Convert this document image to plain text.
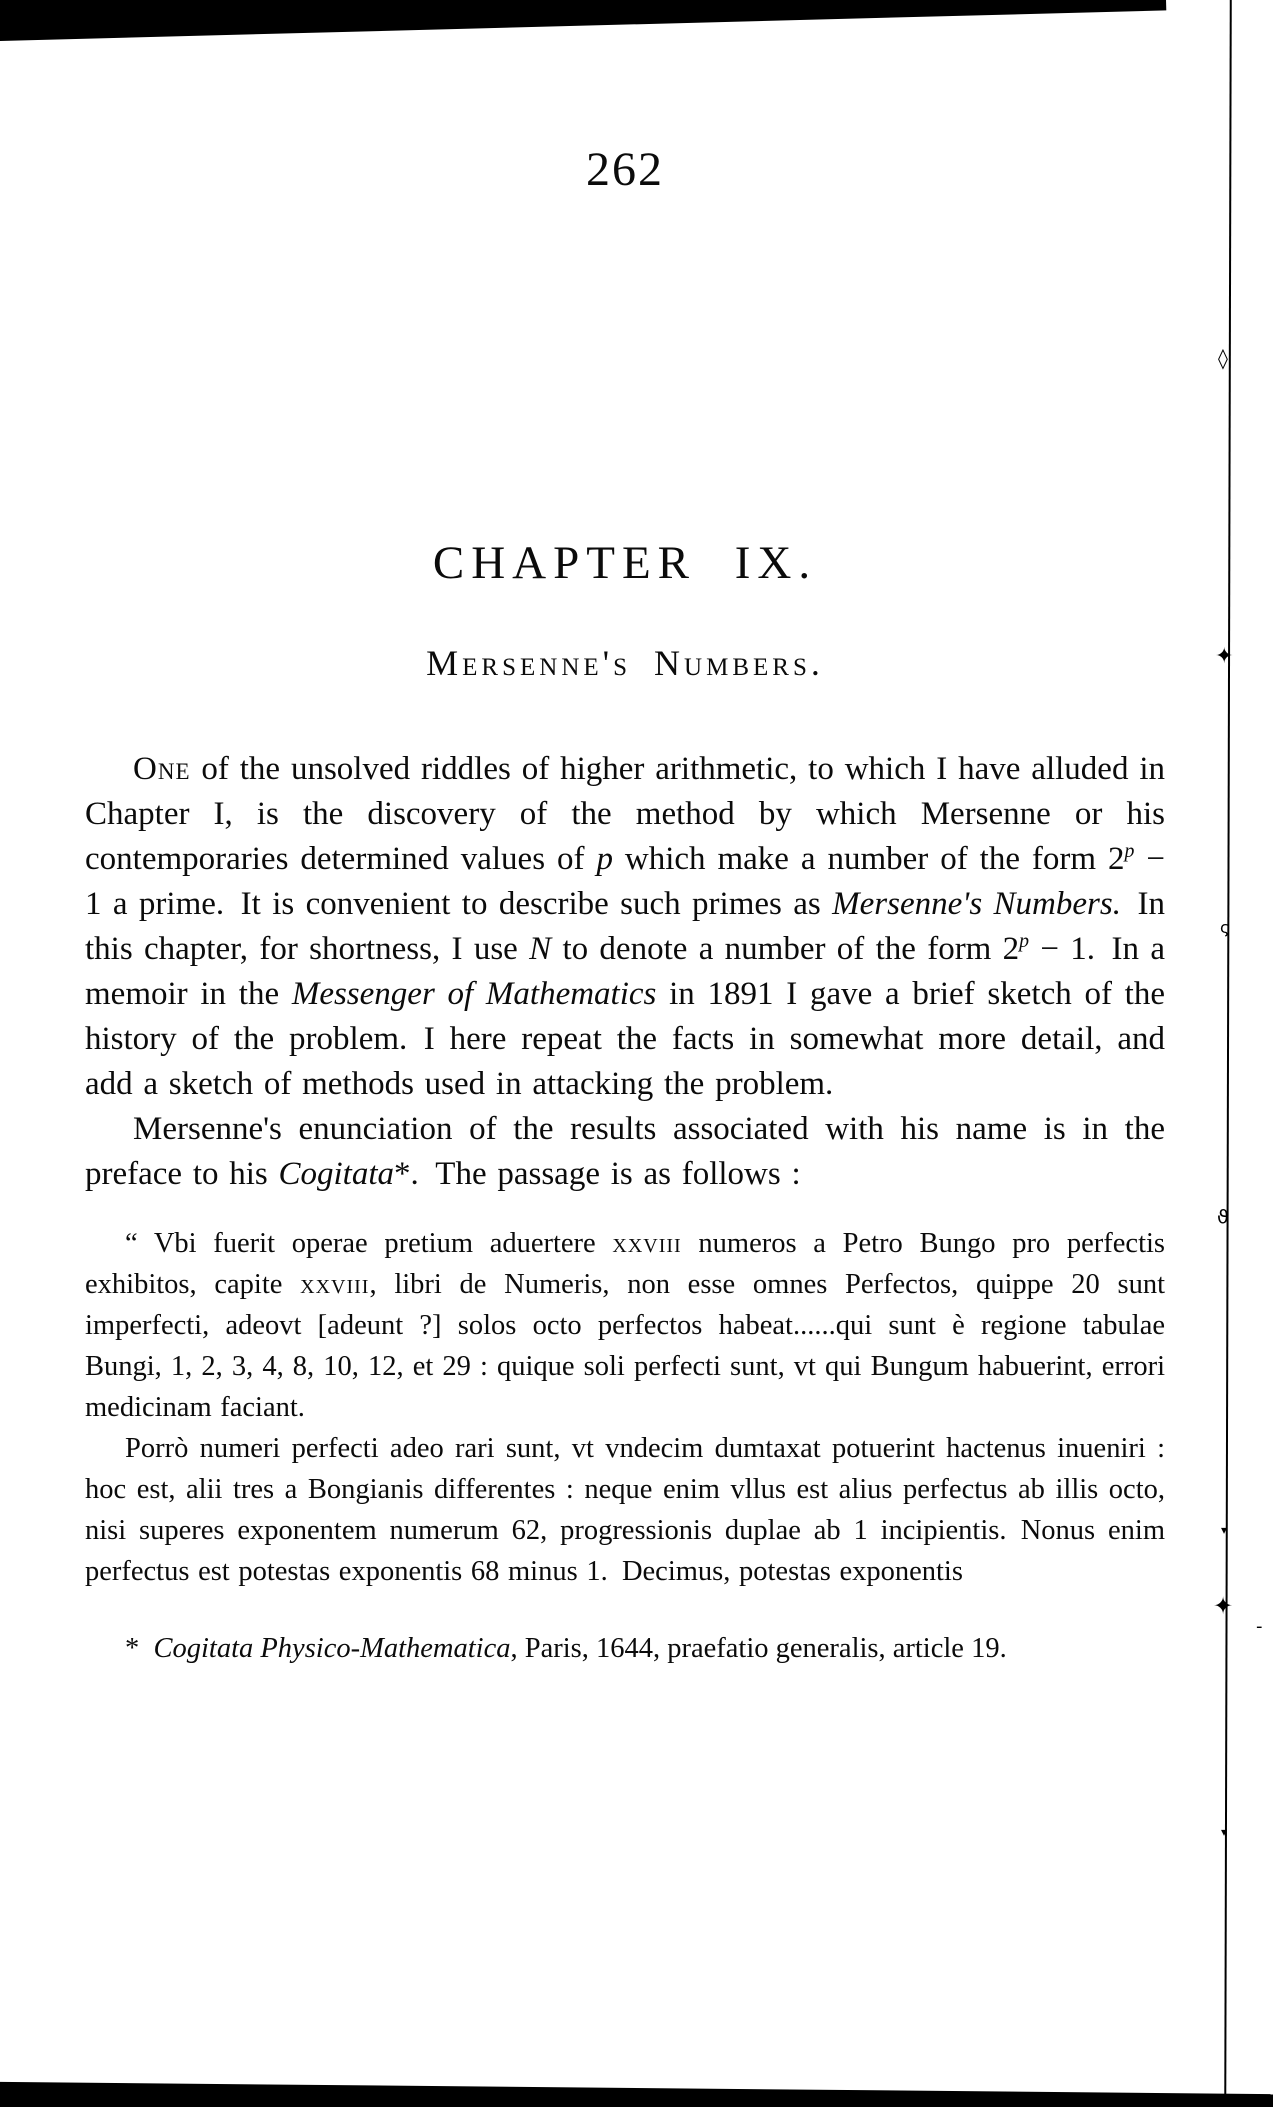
◊
✦
ς
ϑ
▾
✦
-
▾
262
CHAPTER IX.
Mersenne's Numbers.

One of the unsolved riddles of higher arithmetic, to which I have alluded in Chapter I, is the discovery of the method by which Mersenne or his contemporaries determined values of p which make a number of the form $2^p - 1$ a prime. It is convenient to describe such primes as Mersenne's Numbers. In this chapter, for shortness, I use N to denote a number of the form $2^p - 1$. In a memoir in the Messenger of Mathematics in 1891 I gave a brief sketch of the history of the problem. I here repeat the facts in somewhat more detail, and add a sketch of methods used in attacking the problem.

Mersenne's enunciation of the results associated with his name is in the preface to his Cogitata*. The passage is as follows :

“ Vbi fuerit operae pretium aduertere xxviii numeros a Petro Bungo pro perfectis exhibitos, capite xxviii, libri de Numeris, non esse omnes Perfectos, quippe 20 sunt imperfecti, adeovt [adeunt ?] solos octo perfectos habeat......qui sunt è regione tabulae Bungi, 1, 2, 3, 4, 8, 10, 12, et 29 : quique soli perfecti sunt, vt qui Bungum habuerint, errori medicinam faciant.

Porrò numeri perfecti adeo rari sunt, vt vndecim dumtaxat potuerint hactenus inueniri : hoc est, alii tres a Bongianis differentes : neque enim vllus est alius perfectus ab illis octo, nisi superes exponentem numerum 62, progressionis duplae ab 1 incipientis. Nonus enim perfectus est potestas exponentis 68 minus 1. Decimus, potestas exponentis

* Cogitata Physico-Mathematica, Paris, 1644, praefatio generalis, article 19.
